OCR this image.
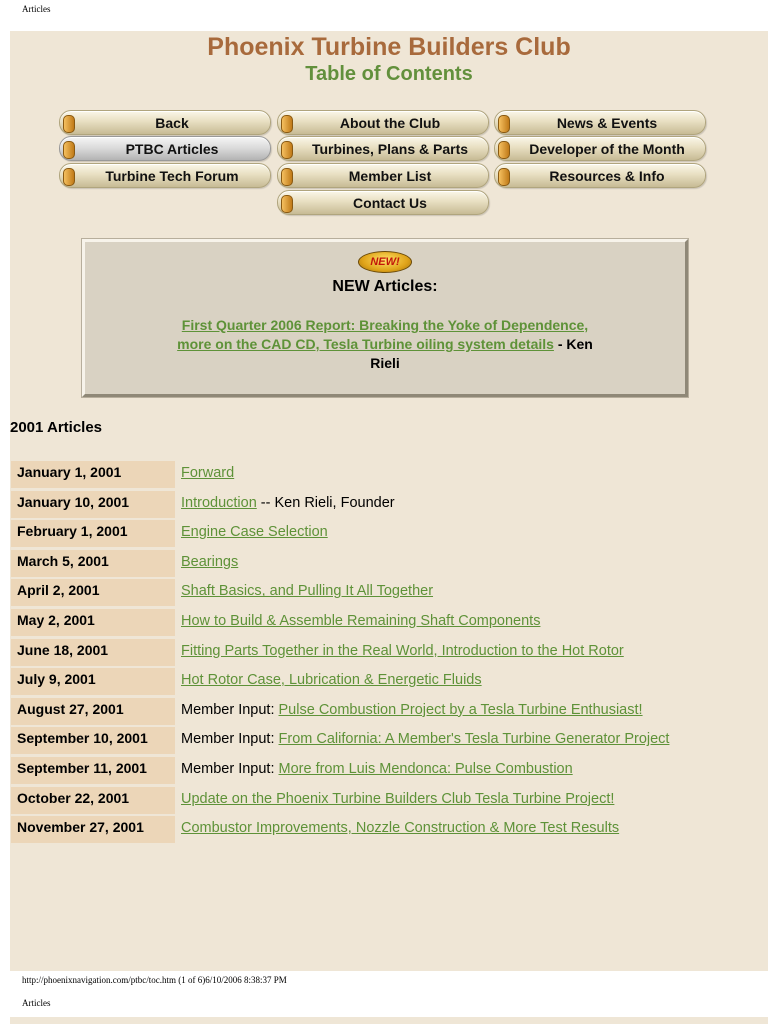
Articles
Phoenix Turbine Builders Club
Table of Contents
Back	About the Club	News & Events
PTBC Articles	Turbines, Plans & Parts	Developer of the Month
Turbine Tech Forum	Member List	Resources & Info
Contact Us
NEW!
NEW Articles:
First Quarter 2006 Report: Breaking the Yoke of Dependence, more on the CAD CD, Tesla Turbine oiling system details - Ken Rieli
2001 Articles
January 1, 2001	Forward
January 10, 2001	Introduction -- Ken Rieli, Founder
February 1, 2001	Engine Case Selection
March 5, 2001	Bearings
April 2, 2001	Shaft Basics, and Pulling It All Together
May 2, 2001	How to Build & Assemble Remaining Shaft Components
June 18, 2001	Fitting Parts Together in the Real World, Introduction to the Hot Rotor
July 9, 2001	Hot Rotor Case, Lubrication & Energetic Fluids
August 27, 2001	Member Input: Pulse Combustion Project by a Tesla Turbine Enthusiast!
September 10, 2001	Member Input: From California: A Member's Tesla Turbine Generator Project
September 11, 2001	Member Input: More from Luis Mendonca: Pulse Combustion
October 22, 2001	Update on the Phoenix Turbine Builders Club Tesla Turbine Project!
November 27, 2001	Combustor Improvements, Nozzle Construction & More Test Results
http://phoenixnavigation.com/ptbc/toc.htm (1 of 6)6/10/2006 8:38:37 PM
Articles
